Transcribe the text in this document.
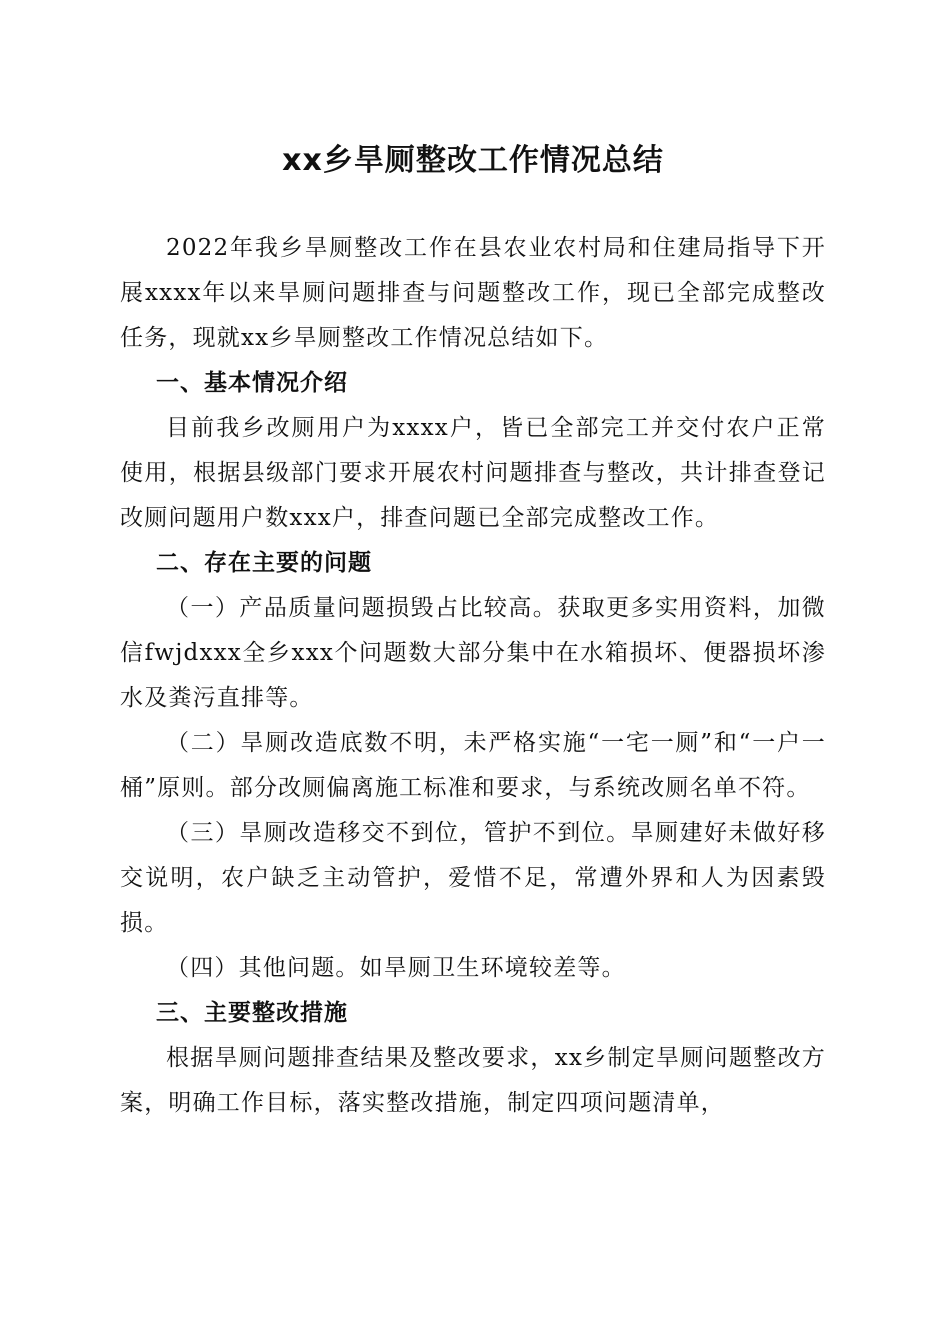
xx乡旱厕整改工作情况总结

2022年我乡旱厕整改工作在县农业农村局和住建局指导下开展xxxx年以来旱厕问题排查与问题整改工作，现已全部完成整改任务，现就xx乡旱厕整改工作情况总结如下。

一、基本情况介绍

目前我乡改厕用户为xxxx户，皆已全部完工并交付农户正常使用，根据县级部门要求开展农村问题排查与整改，共计排查登记改厕问题用户数xxx户，排查问题已全部完成整改工作。

二、存在主要的问题

（一）产品质量问题损毁占比较高。获取更多实用资料，加微信fwjdxxx全乡xxx个问题数大部分集中在水箱损坏、便器损坏渗水及粪污直排等。

（二）旱厕改造底数不明，未严格实施“一宅一厕”和“一户一桶”原则。部分改厕偏离施工标准和要求，与系统改厕名单不符。

（三）旱厕改造移交不到位，管护不到位。旱厕建好未做好移交说明，农户缺乏主动管护，爱惜不足，常遭外界和人为因素毁损。

（四）其他问题。如旱厕卫生环境较差等。

三、主要整改措施

根据旱厕问题排查结果及整改要求，xx乡制定旱厕问题整改方案，明确工作目标，落实整改措施，制定四项问题清单，
